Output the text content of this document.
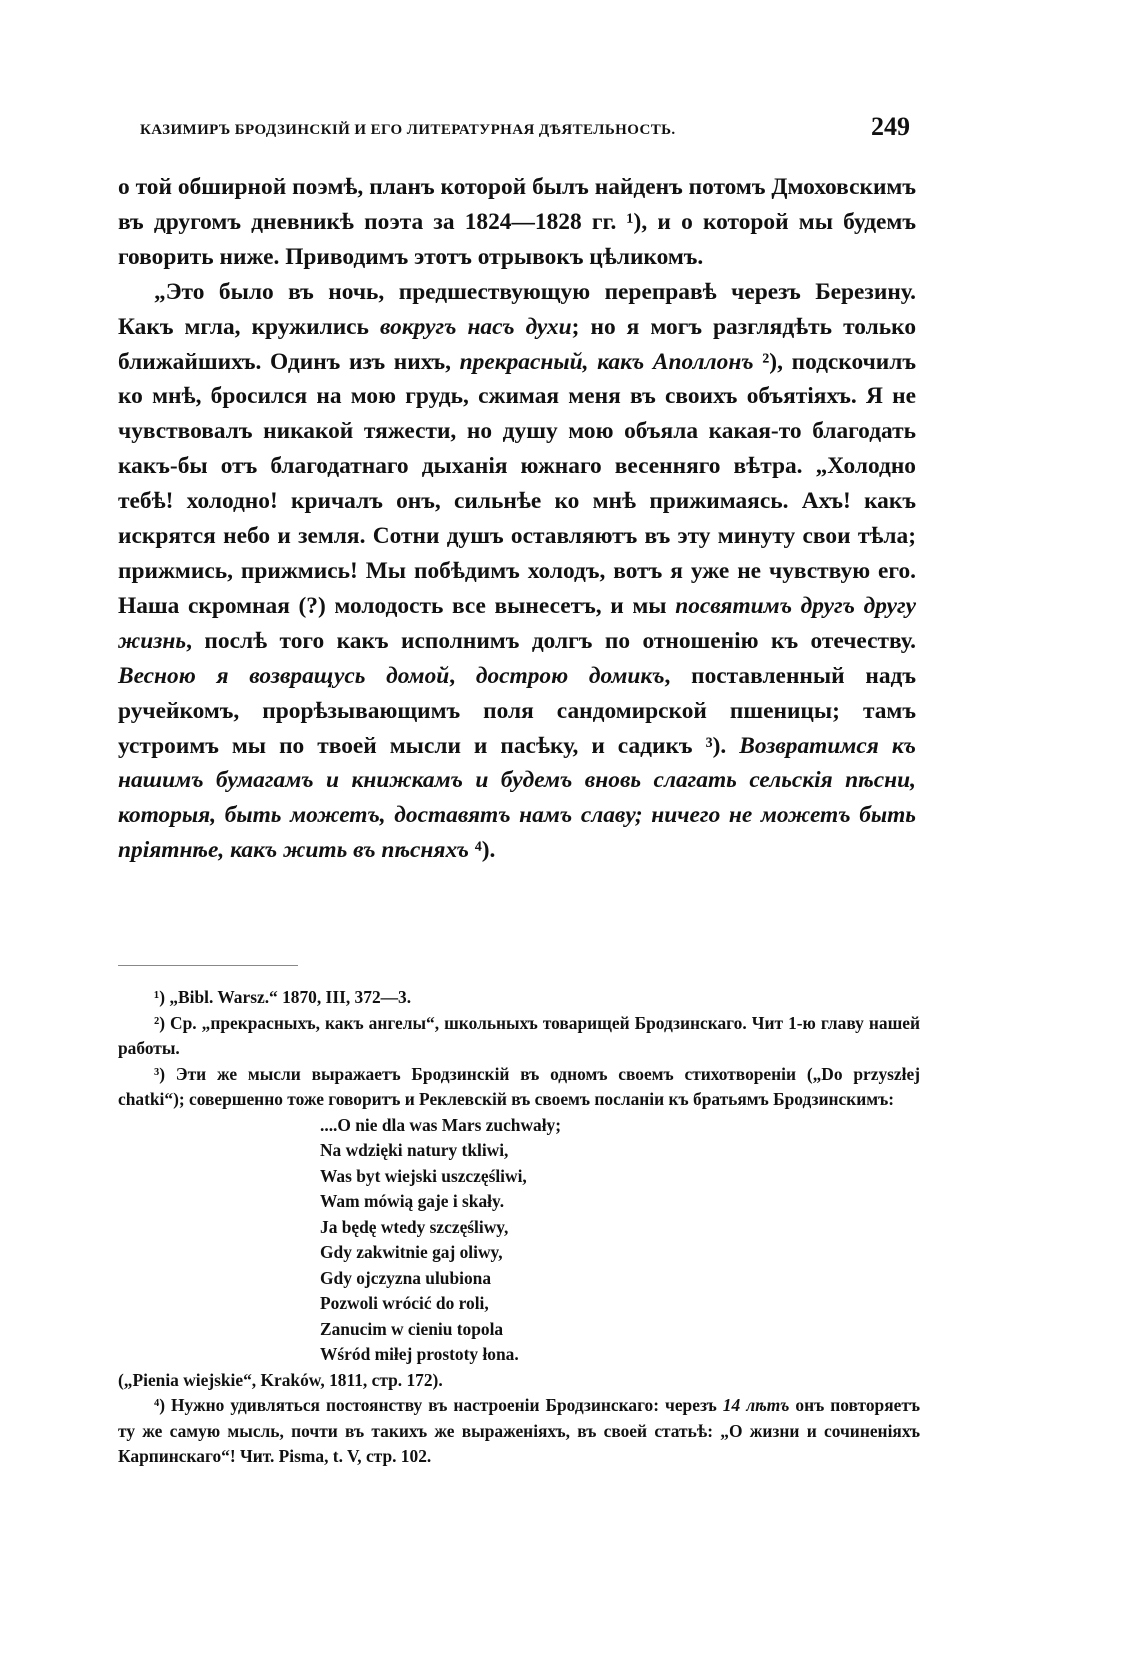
КАЗИМИРЪ БРОДЗИНСКІЙ И ЕГО ЛИТЕРАТУРНАЯ ДѢЯТЕЛЬНОСТЬ.	249

о той обширной поэмѣ, планъ которой былъ найденъ потомъ Дмоховскимъ въ другомъ дневникѣ поэта за 1824—1828 гг. ¹), и о которой мы будемъ говорить ниже. Приводимъ этотъ отрывокъ цѣликомъ.

„Это было въ ночь, предшествующую переправѣ черезъ Березину. Какъ мгла, кружились вокругъ насъ духи; но я могъ разглядѣть только ближайшихъ. Одинъ изъ нихъ, прекрасный, какъ Аполлонъ ²), подскочилъ ко мнѣ, бросился на мою грудь, сжимая меня въ своихъ объятіяхъ. Я не чувствовалъ никакой тяжести, но душу мою объяла какая-то благодать какъ-бы отъ благодатнаго дыханія южнаго весенняго вѣтра. „Холодно тебѣ! холодно! кричалъ онъ, сильнѣе ко мнѣ прижимаясь. Ахъ! какъ искрятся небо и земля. Сотни душъ оставляютъ въ эту минуту свои тѣла; прижмись, прижмись! Мы побѣдимъ холодъ, вотъ я уже не чувствую его. Наша скромная (?) молодость все вынесетъ, и мы посвятимъ другъ другу жизнь, послѣ того какъ исполнимъ долгъ по отношенію къ отечеству. Весною я возвращусь домой, дострою домикъ, поставленный надъ ручейкомъ, прорѣзывающимъ поля сандомирской пшеницы; тамъ устроимъ мы по твоей мысли и пасѣку, и садикъ ³). Возвратимся къ нашимъ бумагамъ и книжкамъ и будемъ вновь слагать сельскія пѣсни, которыя, быть можетъ, доставятъ намъ славу; ничего не можетъ быть пріятнѣе, какъ жить въ пѣсняхъ ⁴).

¹) „Bibl. Warsz.“ 1870, III, 372—3.

²) Ср. „прекрасныхъ, какъ ангелы“, школьныхъ товарищей Бродзинскаго. Чит 1-ю главу нашей работы.

³) Эти же мысли выражаетъ Бродзинскій въ одномъ своемъ стихотвореніи („Do przyszłej chatki“); совершенно тоже говоритъ и Реклевскій въ своемъ посланіи къ братьямъ Бродзинскимъ:

....O nie dla was Mars zuchwały;
Na wdzięki natury tkliwi,
Was byt wiejski uszczęśliwi,
Wam mówią gaje i skały.
Ja będę wtedy szczęśliwy,
Gdy zakwitnie gaj oliwy,
Gdy ojczyzna ulubiona
Pozwoli wrócić do roli,
Zanucim w cieniu topola
Wśród miłej prostoty łona.

(„Pienia wiejskie“, Kraków, 1811, стр. 172).

⁴) Нужно удивляться постоянству въ настроеніи Бродзинскаго: черезъ 14 лѣтъ онъ повторяетъ ту же самую мысль, почти въ такихъ же выраженіяхъ, въ своей статьѣ: „О жизни и сочиненіяхъ Карпинскаго“! Чит. Pisma, t. V, стр. 102.
